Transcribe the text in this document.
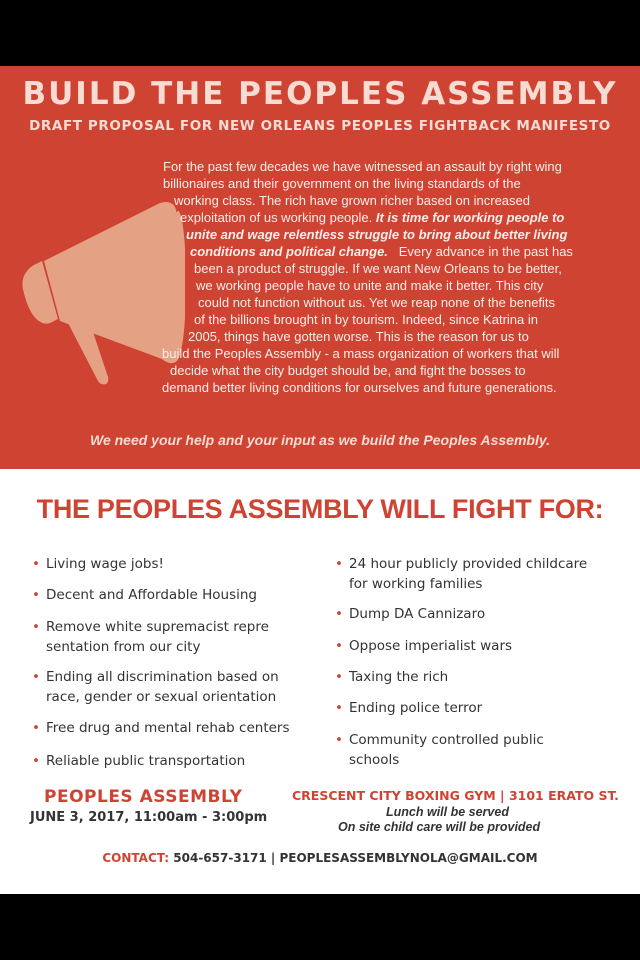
BUILD THE PEOPLES ASSEMBLY
DRAFT PROPOSAL FOR NEW ORLEANS PEOPLES FIGHTBACK MANIFESTO
For the past few decades we have witnessed an assault by right wing
billionaires and their government on the living standards of the
working class. The rich have grown richer based on increased
exploitation of us working people. It is time for working people to
unite and wage relentless struggle to bring about better living
conditions and political change. Every advance in the past has
been a product of struggle. If we want New Orleans to be better,
we working people have to unite and make it better. This city
could not function without us. Yet we reap none of the benefits
of the billions brought in by tourism. Indeed, since Katrina in
2005, things have gotten worse. This is the reason for us to
build the Peoples Assembly - a mass organization of workers that will
decide what the city budget should be, and fight the bosses to
demand better living conditions for ourselves and future generations.
We need your help and your input as we build the Peoples Assembly.
THE PEOPLES ASSEMBLY WILL FIGHT FOR:
• Living wage jobs!
• Decent and Affordable Housing
• Remove white supremacist repre
sentation from our city
• Ending all discrimination based on
race, gender or sexual orientation
• Free drug and mental rehab centers
• Reliable public transportation
• 24 hour publicly provided childcare
for working families
• Dump DA Cannizaro
• Oppose imperialist wars
• Taxing the rich
• Ending police terror
• Community controlled public
schools
PEOPLES ASSEMBLY
JUNE 3, 2017, 11:00am - 3:00pm
CRESCENT CITY BOXING GYM | 3101 ERATO ST.
Lunch will be served
On site child care will be provided
CONTACT: 504-657-3171 | PEOPLESASSEMBLYNOLA@GMAIL.COM
